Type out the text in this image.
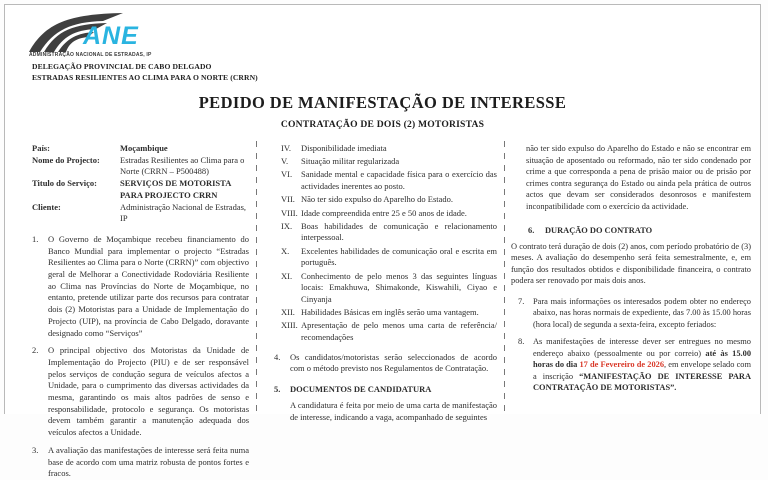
ANE
ADMINISTRAÇÃO NACIONAL DE ESTRADAS, IP
DELEGAÇÃO PROVINCIAL DE CABO DELGADO
ESTRADAS RESILIENTES AO CLIMA PARA O NORTE (CRRN)
PEDIDO DE MANIFESTAÇÃO DE INTERESSE
CONTRATAÇÃO DE DOIS (2) MOTORISTAS
País:	Moçambique
Nome do Projecto:	Estradas Resilientes ao Clima para o Norte (CRRN – P500488)
Titulo do Serviço:	SERVIÇOS DE MOTORISTA PARA PROJECTO CRRN
Cliente:	Administração Nacional de Estradas, IP
1.	O Governo de Moçambique recebeu financiamento do Banco Mundial para implementar o projecto “Estradas Resilientes ao Clima para o Norte (CRRN)” com objectivo geral de Melhorar a Conectividade Rodoviária Resiliente ao Clima nas Províncias do Norte de Moçambique, no entanto, pretende utilizar parte dos recursos para contratar dois (2) Motoristas para a Unidade de Implementação do Projecto (UIP), na província de Cabo Delgado, doravante designado como “Serviços”
2.	O principal objectivo dos Motoristas da Unidade de Implementação do Projecto (PIU) e de ser responsável pelos serviços de condução segura de veículos afectos a Unidade, para o cumprimento das diversas actividades da mesma, garantindo os mais altos padrões de senso e responsabilidade, protocolo e segurança. Os motoristas devem também garantir a manutenção adequada dos veículos afectos a Unidade.
3.	A avaliação das manifestações de interesse será feita numa base de acordo com uma matriz robusta de pontos fortes e fracos.
IV.	Disponibilidade imediata
V.	Situação militar regularizada
VI.	Sanidade mental e capacidade física para o exercício das actividades inerentes ao posto.
VII. Não ter sido expulso do Aparelho do Estado.
VIII. Idade compreendida entre 25 e 50 anos de idade.
IX.	Boas habilidades de comunicação e relacionamento interpessoal.
X.	Excelentes habilidades de comunicação oral e escrita em português.
XI.	Conhecimento de pelo menos 3 das seguintes línguas locais: Emakhuwa, Shimakonde, Kiswahili, Ciyao e Cinyanja
XII. Habilidades Básicas em inglês serão uma vantagem.
XIII. Apresentação de pelo menos uma carta de referência/ recomendações
4.	Os candidatos/motoristas serão seleccionados de acordo com o método previsto nos Regulamentos de Contratação.
5.	DOCUMENTOS DE CANDIDATURA
A candidatura é feita por meio de uma carta de manifestação de interesse, indicando a vaga, acompanhado de seguintes
não ter sido expulso do Aparelho do Estado e não se encontrar em situação de aposentado ou reformado, não ter sido condenado por crime a que corresponda a pena de prisão maior ou de prisão por crimes contra segurança do Estado ou ainda pela prática de outros actos que devam ser considerados desonrosos e manifestem inconpatibilidade com o exercício da actividade.
6.	DURAÇÃO DO CONTRATO
O contrato terá duração de dois (2) anos, com período probatório de (3) meses. A avaliação do desempenho será feita semestralmente, e, em função dos resultados obtidos e disponibilidade financeira, o contrato podera ser renovado por mais dois anos.
7.	Para mais informações os interesados podem obter no endereço abaixo, nas horas normais de expediente, das 7.00 às 15.00 horas (hora local) de segunda a sexta-feira, excepto feriados:
8.	As manifestações de interesse dever ser entregues no mesmo endereço abaixo (pessoalmente ou por correio) até às 15.00 horas do dia 17 de Fevereiro de 2026, em envelope selado com a inscrição “MANIFESTAÇÃO DE INTERESSE PARA CONTRATAÇÃO DE MOTORISTAS”.
